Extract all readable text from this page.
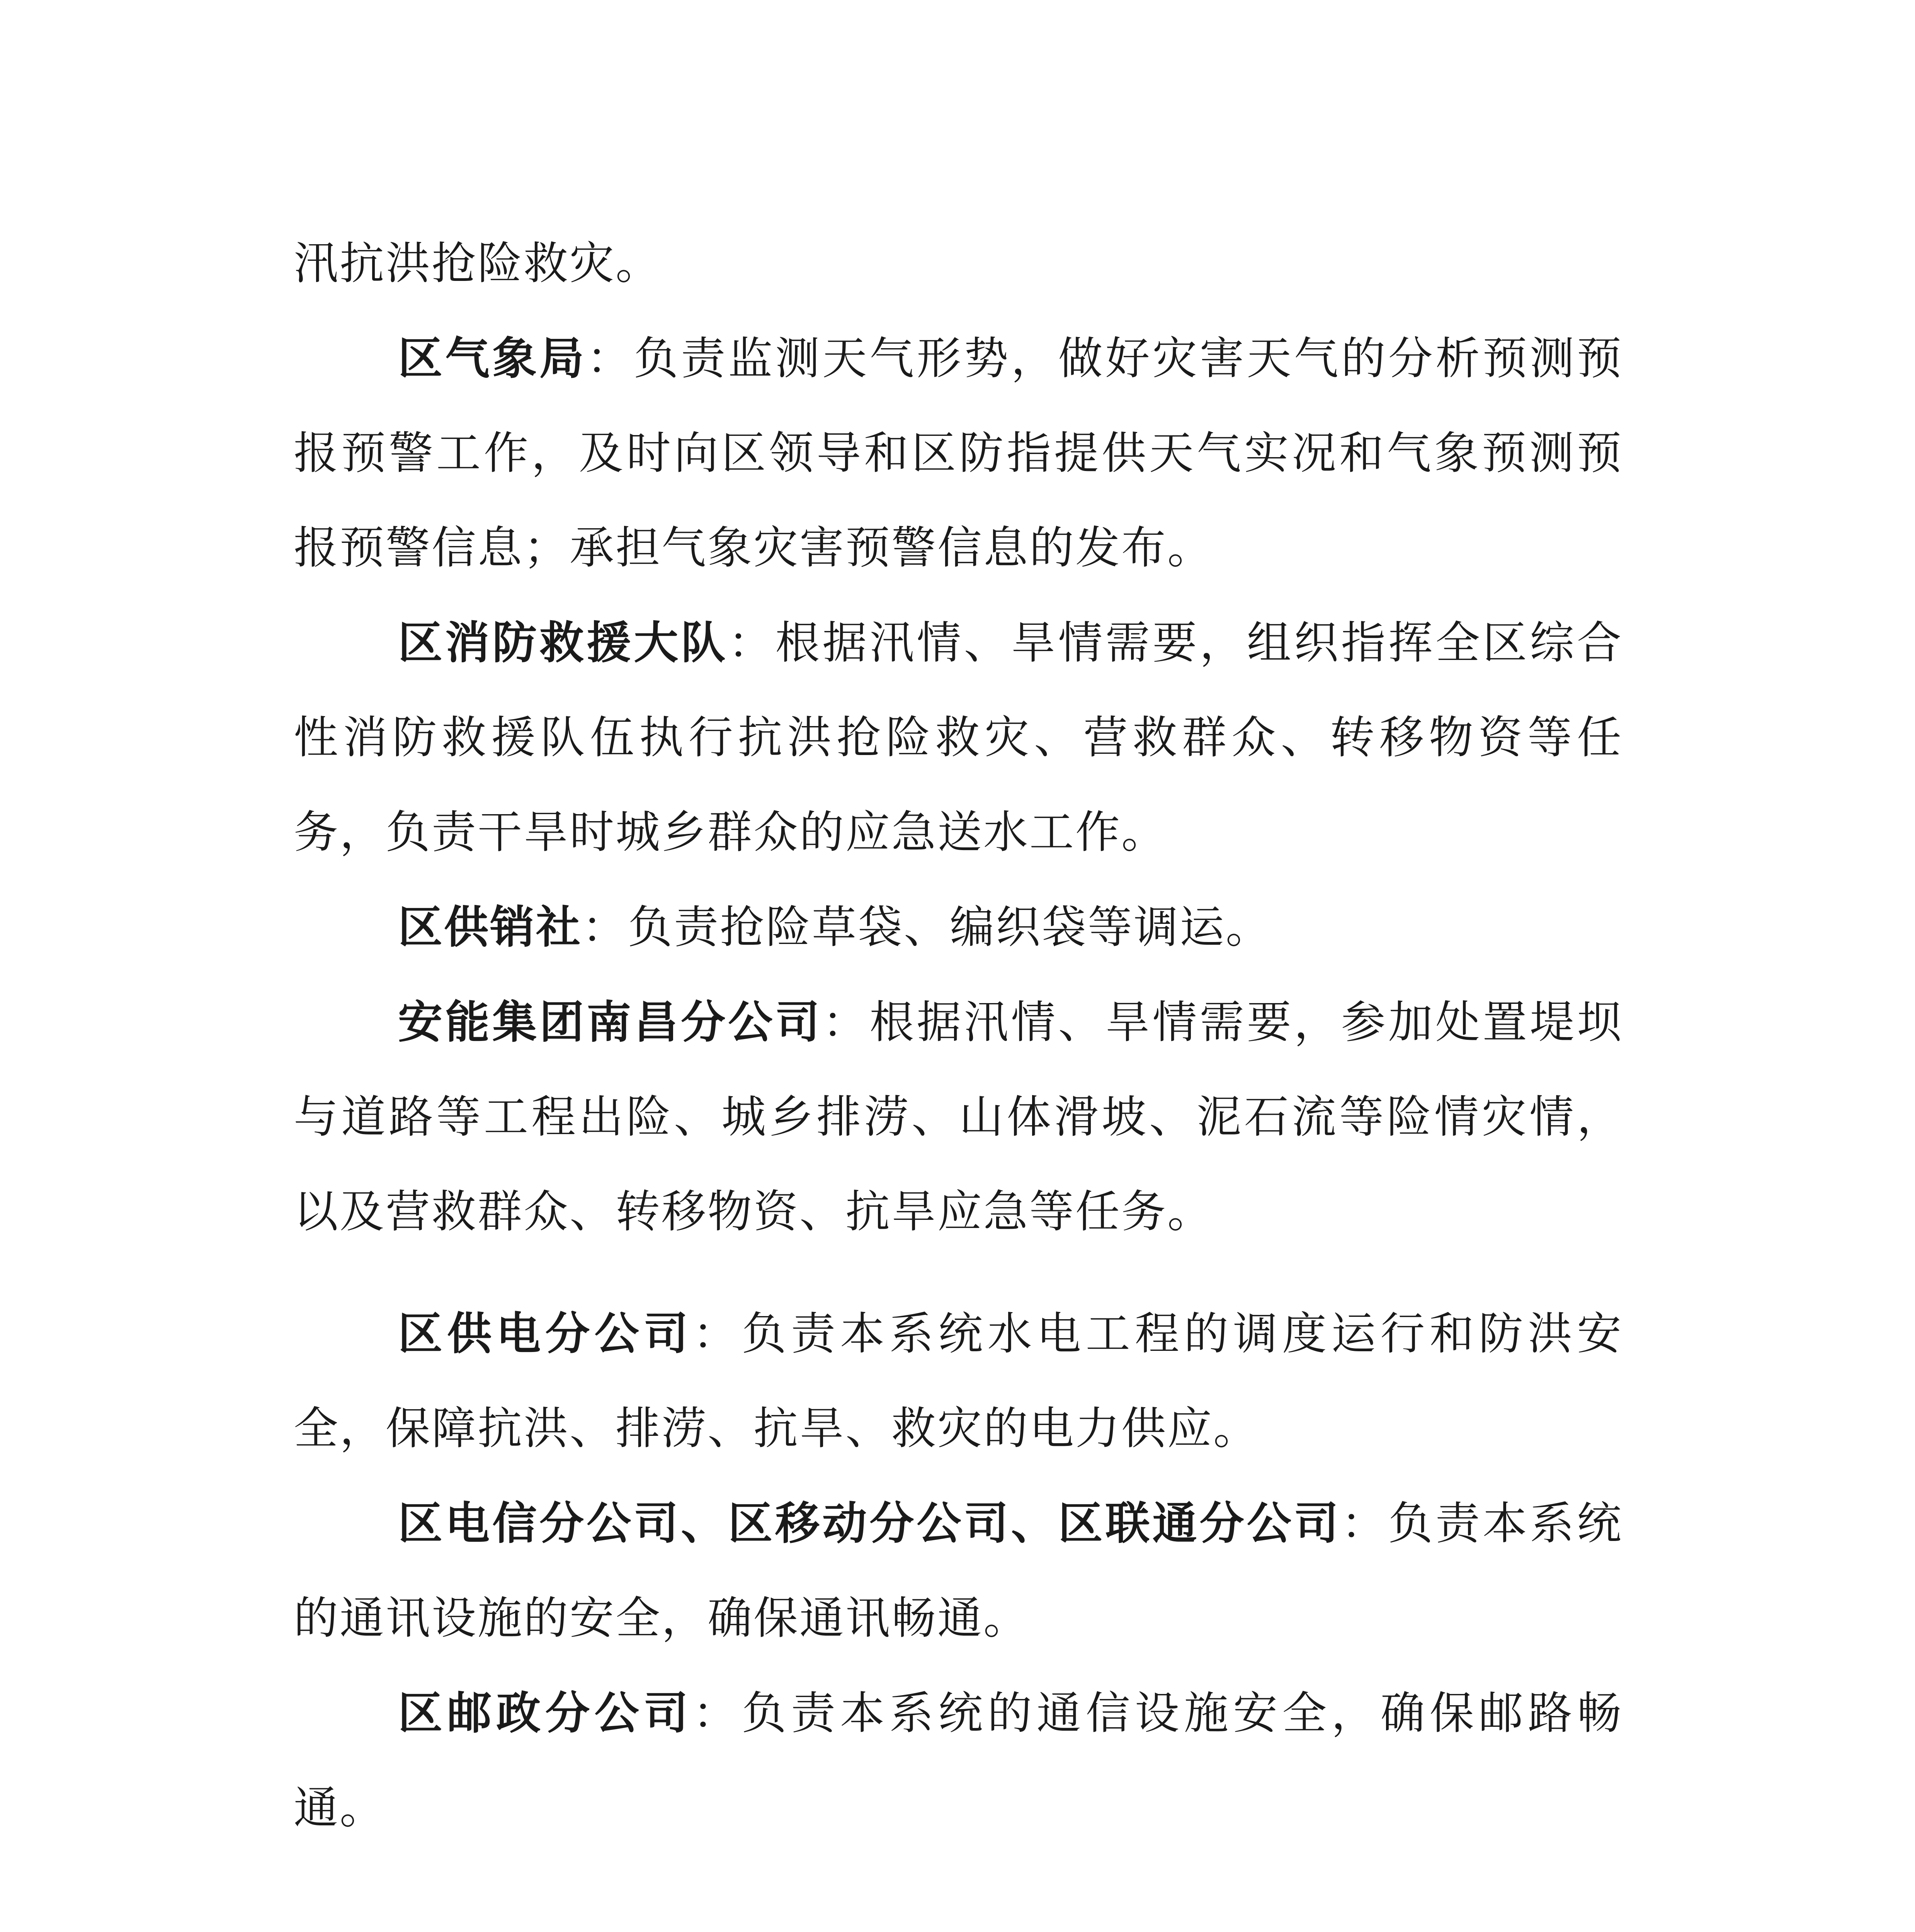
汛抗洪抢险救灾。

区气象局：负责监测天气形势，做好灾害天气的分析预测预报预警工作，及时向区领导和区防指提供天气实况和气象预测预报预警信息；承担气象灾害预警信息的发布。

区消防救援大队：根据汛情、旱情需要，组织指挥全区综合性消防救援队伍执行抗洪抢险救灾、营救群众、转移物资等任务，负责干旱时城乡群众的应急送水工作。

区供销社：负责抢险草袋、编织袋等调运。

安能集团南昌分公司：根据汛情、旱情需要，参加处置堤坝与道路等工程出险、城乡排涝、山体滑坡、泥石流等险情灾情，以及营救群众、转移物资、抗旱应急等任务。

区供电分公司：负责本系统水电工程的调度运行和防洪安全，保障抗洪、排涝、抗旱、救灾的电力供应。

区电信分公司、区移动分公司、区联通分公司：负责本系统的通讯设施的安全，确保通讯畅通。

区邮政分公司：负责本系统的通信设施安全，确保邮路畅通。
